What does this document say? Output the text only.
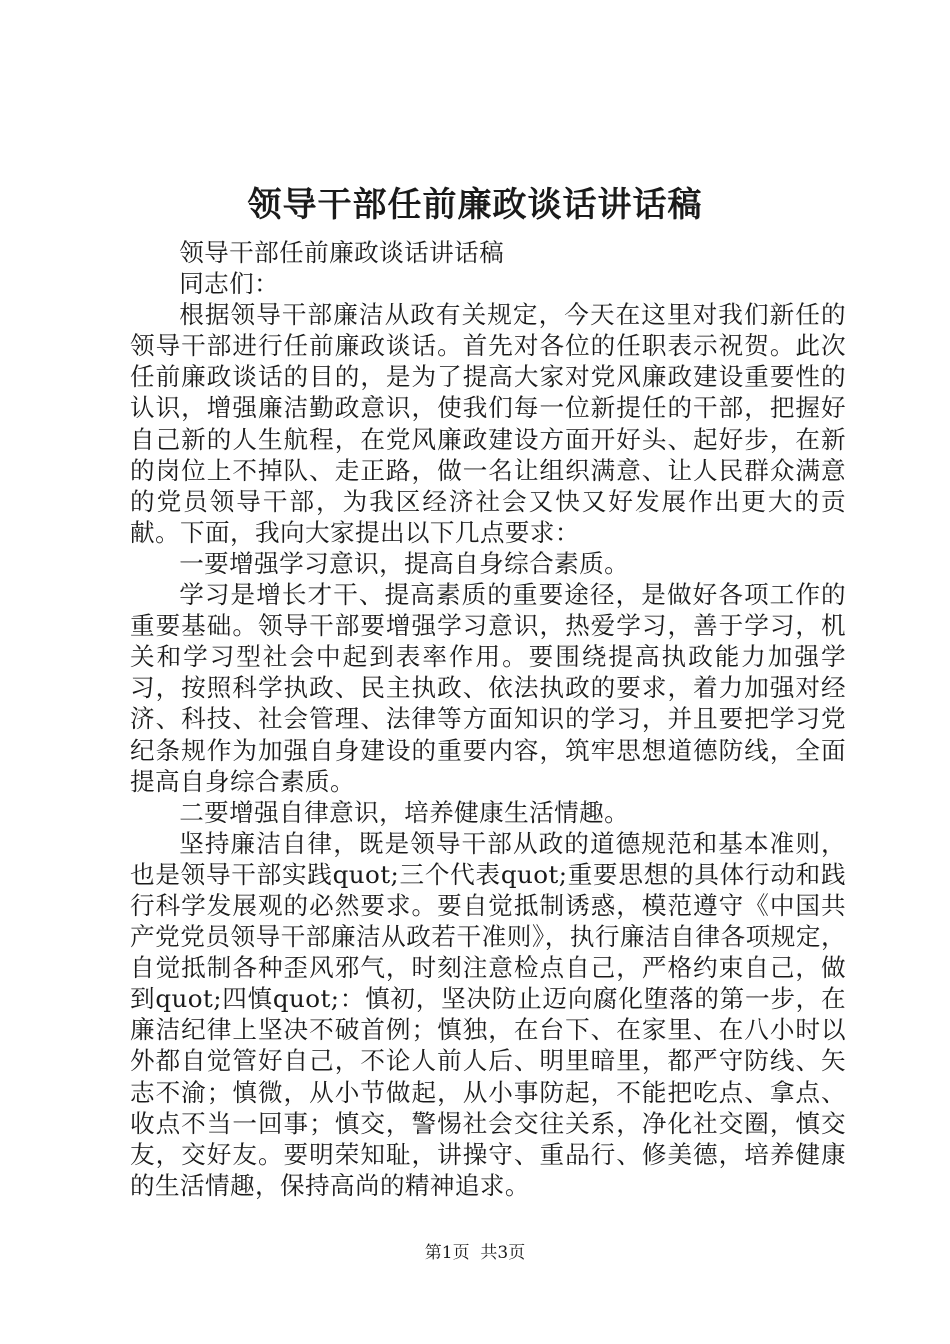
领导干部任前廉政谈话讲话稿

领导干部任前廉政谈话讲话稿

同志们：

根据领导干部廉洁从政有关规定，今天在这里对我们新任的领导干部进行任前廉政谈话。首先对各位的任职表示祝贺。此次任前廉政谈话的目的，是为了提高大家对党风廉政建设重要性的认识，增强廉洁勤政意识，使我们每一位新提任的干部，把握好自己新的人生航程，在党风廉政建设方面开好头、起好步，在新的岗位上不掉队、走正路，做一名让组织满意、让人民群众满意的党员领导干部，为我区经济社会又快又好发展作出更大的贡献。下面，我向大家提出以下几点要求：

一要增强学习意识，提高自身综合素质。

学习是增长才干、提高素质的重要途径，是做好各项工作的重要基础。领导干部要增强学习意识，热爱学习，善于学习，机关和学习型社会中起到表率作用。要围绕提高执政能力加强学习，按照科学执政、民主执政、依法执政的要求，着力加强对经济、科技、社会管理、法律等方面知识的学习，并且要把学习党纪条规作为加强自身建设的重要内容，筑牢思想道德防线，全面提高自身综合素质。

二要增强自律意识，培养健康生活情趣。

坚持廉洁自律，既是领导干部从政的道德规范和基本准则，也是领导干部实践quot;三个代表quot;重要思想的具体行动和践行科学发展观的必然要求。要自觉抵制诱惑，模范遵守《中国共产党党员领导干部廉洁从政若干准则》，执行廉洁自律各项规定，自觉抵制各种歪风邪气，时刻注意检点自己，严格约束自己，做到quot;四慎quot;：慎初，坚决防止迈向腐化堕落的第一步，在廉洁纪律上坚决不破首例；慎独，在台下、在家里、在八小时以外都自觉管好自己，不论人前人后、明里暗里，都严守防线、矢志不渝；慎微，从小节做起，从小事防起，不能把吃点、拿点、收点不当一回事；慎交，警惕社会交往关系，净化社交圈，慎交友，交好友。要明荣知耻，讲操守、重品行、修美德，培养健康的生活情趣，保持高尚的精神追求。

第1页 共3页
